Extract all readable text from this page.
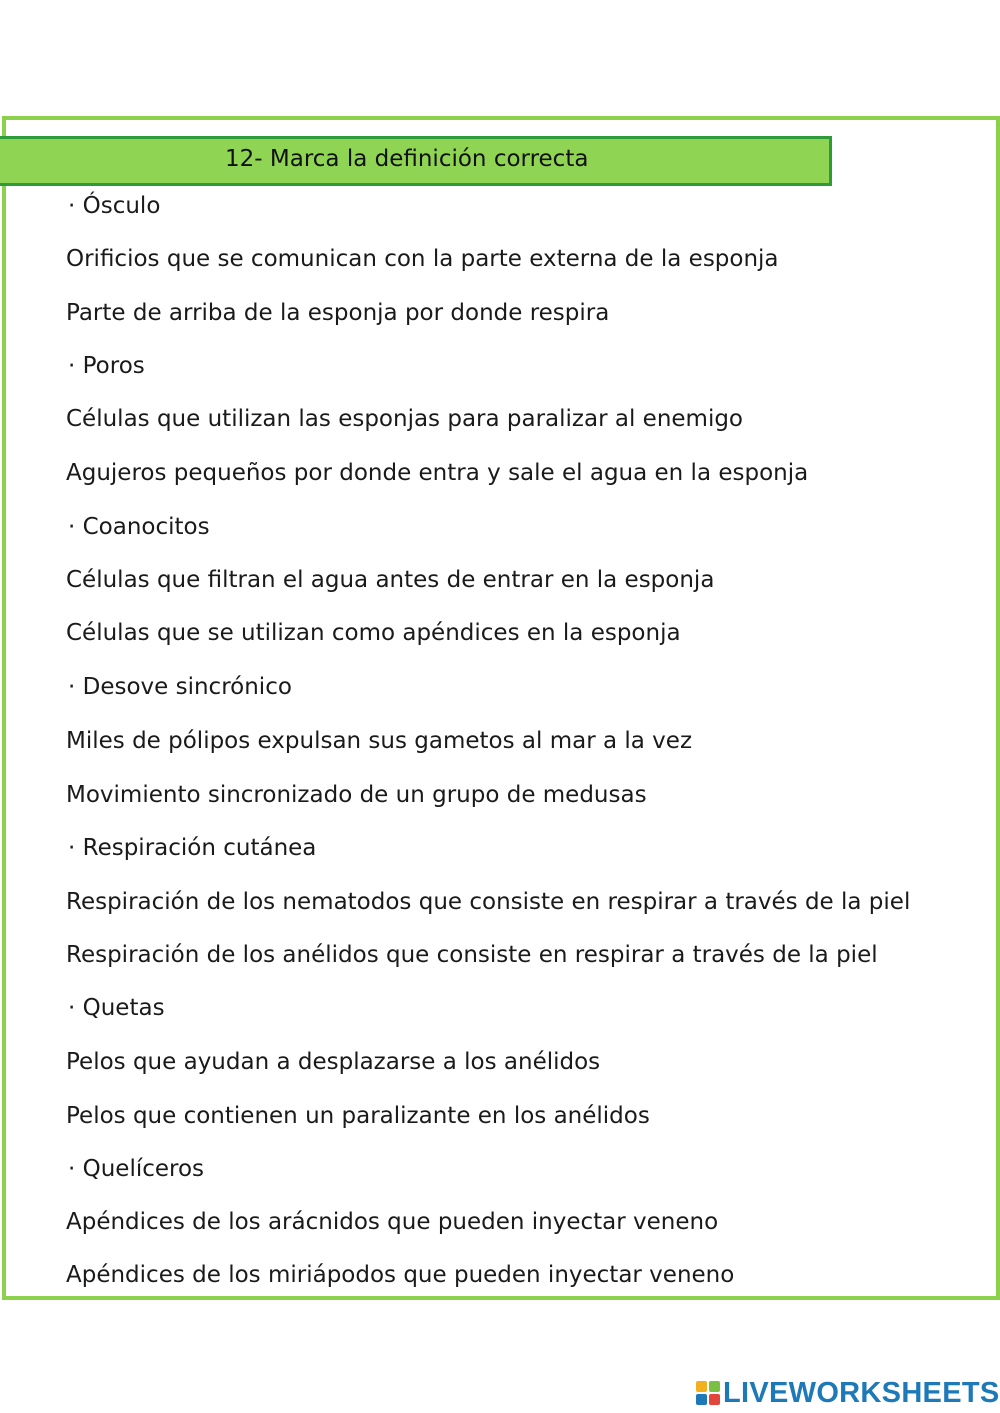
12- Marca la definición correcta
· Ósculo
Orificios que se comunican con la parte externa de la esponja
Parte de arriba de la esponja por donde respira
· Poros
Células que utilizan las esponjas para paralizar al enemigo
Agujeros pequeños por donde entra y sale el agua en la esponja
· Coanocitos
Células que filtran el agua antes de entrar en la esponja
Células que se utilizan como apéndices en la esponja
· Desove sincrónico
Miles de pólipos expulsan sus gametos al mar a la vez
Movimiento sincronizado de un grupo de medusas
· Respiración cutánea
Respiración de los nematodos que consiste en respirar a través de la piel
Respiración de los anélidos que consiste en respirar a través de la piel
· Quetas
Pelos que ayudan a desplazarse a los anélidos
Pelos que contienen un paralizante en los anélidos
· Quelíceros
Apéndices de los arácnidos que pueden inyectar veneno
Apéndices de los miriápodos que pueden inyectar veneno
LIVEWORKSHEETS
